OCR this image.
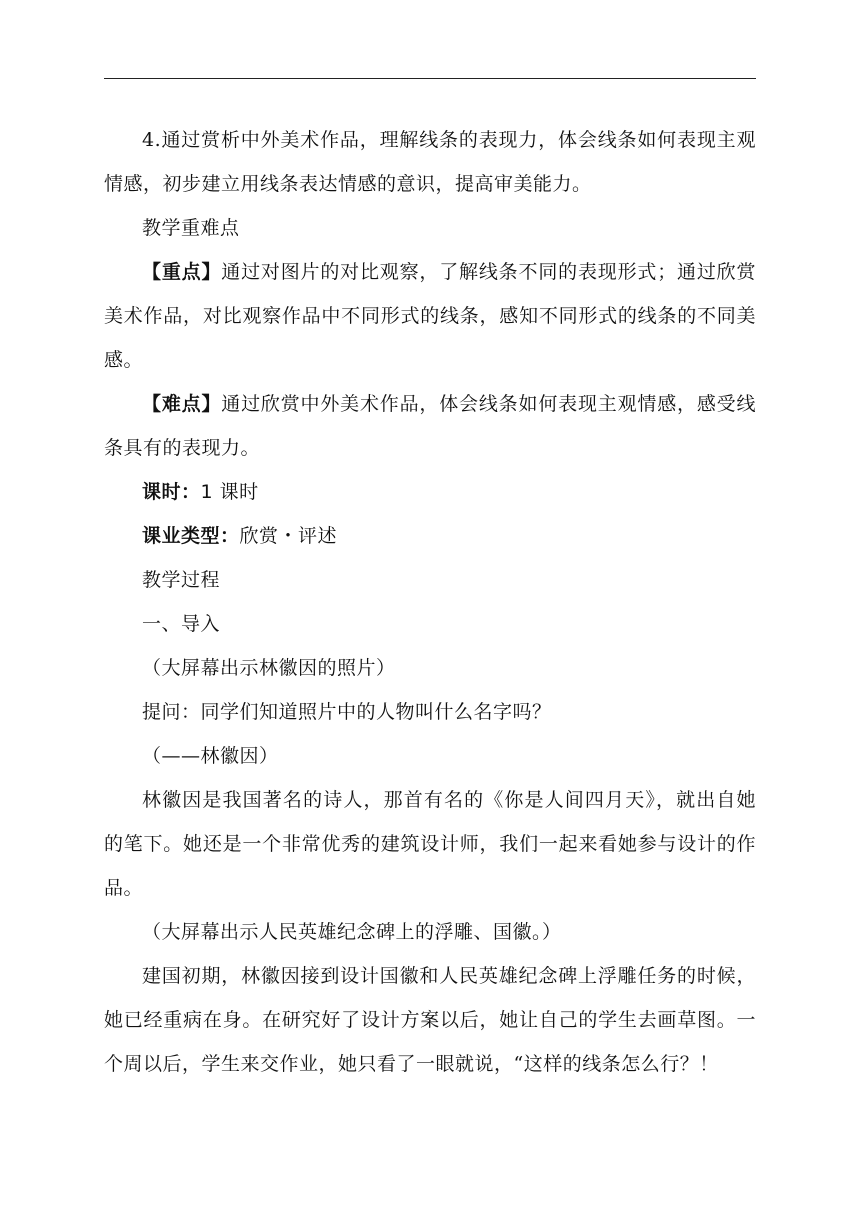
4.通过赏析中外美术作品，理解线条的表现力，体会线条如何表现主观情感，初步建立用线条表达情感的意识，提高审美能力。

教学重难点

【重点】通过对图片的对比观察，了解线条不同的表现形式；通过欣赏美术作品，对比观察作品中不同形式的线条，感知不同形式的线条的不同美感。

【难点】通过欣赏中外美术作品，体会线条如何表现主观情感，感受线条具有的表现力。

课时：1 课时

课业类型：欣赏・评述

教学过程

一、导入

（大屏幕出示林徽因的照片）

提问：同学们知道照片中的人物叫什么名字吗？

（——林徽因）

林徽因是我国著名的诗人，那首有名的《你是人间四月天》，就出自她的笔下。她还是一个非常优秀的建筑设计师，我们一起来看她参与设计的作品。

（大屏幕出示人民英雄纪念碑上的浮雕、国徽。）

建国初期，林徽因接到设计国徽和人民英雄纪念碑上浮雕任务的时候，她已经重病在身。在研究好了设计方案以后，她让自己的学生去画草图。一个周以后，学生来交作业，她只看了一眼就说，“这样的线条怎么行？！
